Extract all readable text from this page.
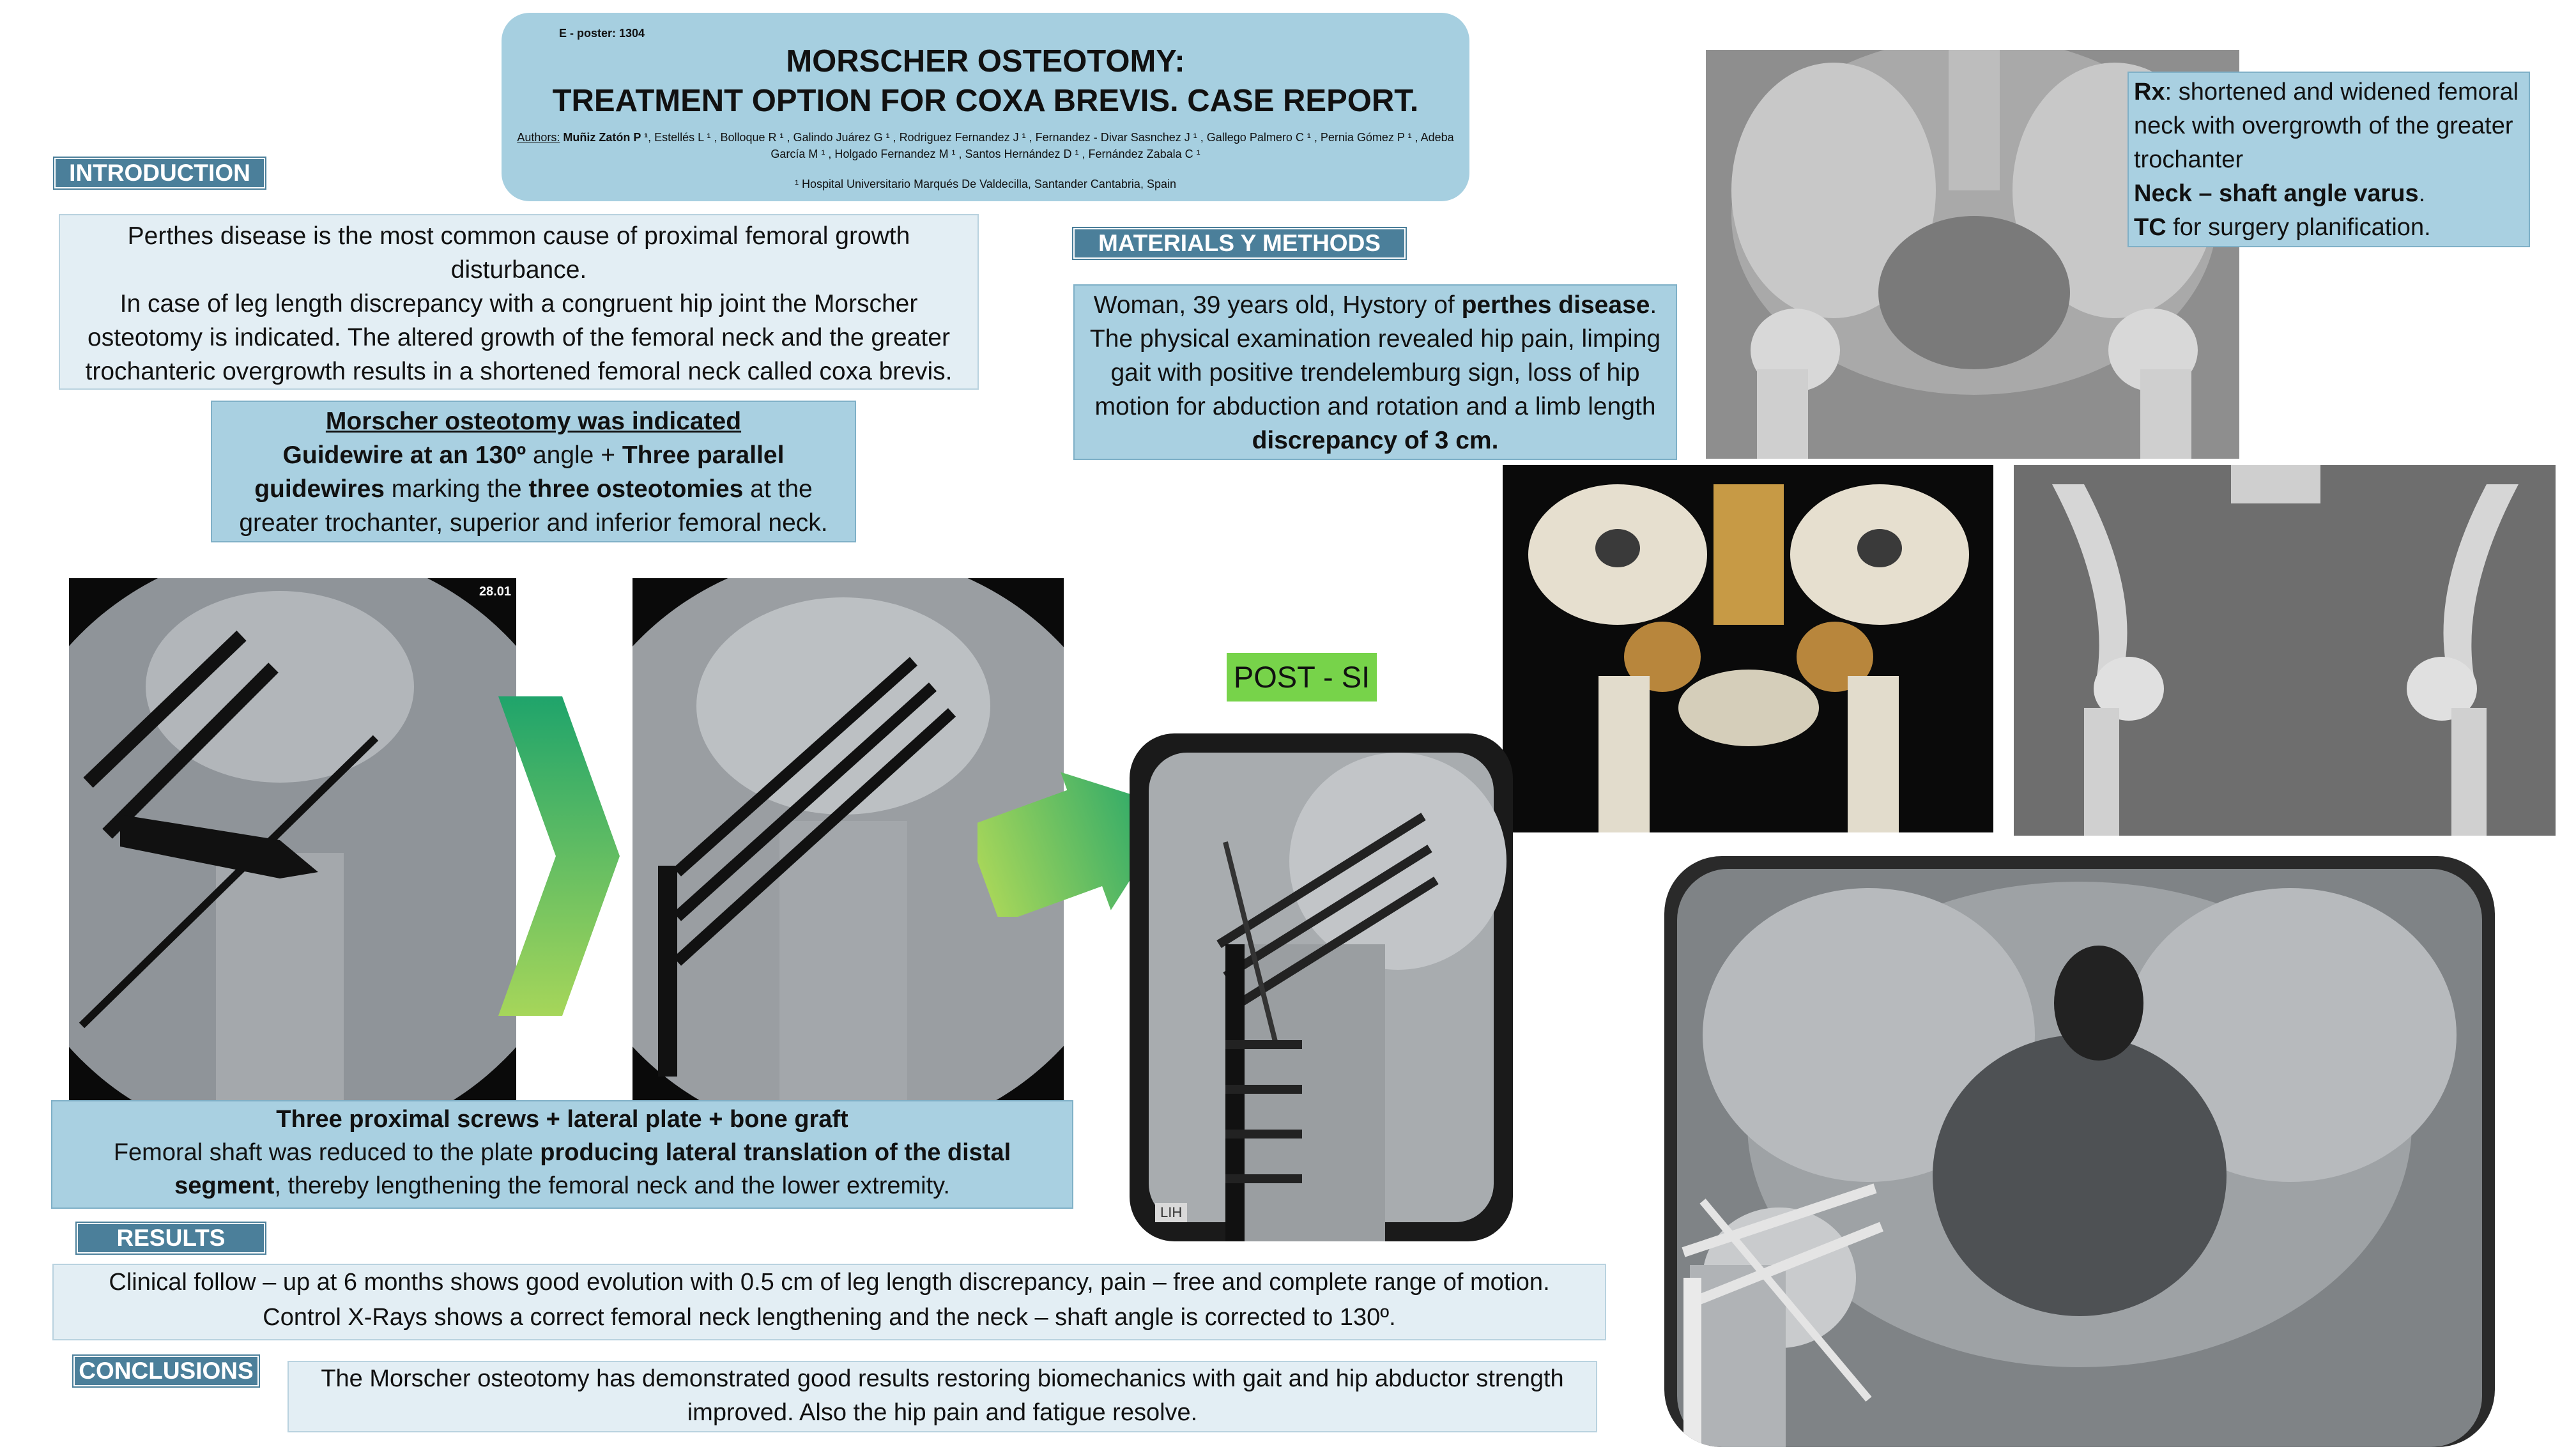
E - poster: 1304
MORSCHER OSTEOTOMY:
TREATMENT OPTION FOR COXA BREVIS. CASE REPORT.
Authors: Muñiz Zatón P ¹, Estellés L ¹ , Bolloque R ¹ , Galindo Juárez G ¹ , Rodriguez Fernandez J ¹ , Fernandez - Divar Sasnchez J ¹ , Gallego Palmero C ¹ , Pernia Gómez P ¹ , Adeba García M ¹ , Holgado Fernandez M ¹ , Santos Hernández D ¹ , Fernández Zabala C ¹
¹ Hospital Universitario Marqués De Valdecilla, Santander Cantabria, Spain
INTRODUCTION
Perthes disease is the most common cause of proximal femoral growth disturbance.
In case of leg length discrepancy with a congruent hip joint the Morscher osteotomy is indicated. The altered growth of the femoral neck and the greater trochanteric overgrowth results in a shortened femoral neck called coxa brevis.
Morscher osteotomy was indicated
Guidewire at an 130º angle + Three parallel guidewires marking the three osteotomies at the greater trochanter, superior and inferior femoral neck.
MATERIALS Y METHODS
Woman, 39 years old, Hystory of perthes disease. The physical examination revealed hip pain, limping gait with positive trendelemburg sign, loss of hip motion for abduction and rotation and a limb length discrepancy of 3 cm.
Rx: shortened and widened femoral neck with overgrowth of the greater trochanter
Neck – shaft angle varus.
TC for surgery planification.
28.01
POST - SI
LIH
Three proximal screws + lateral plate + bone graft
Femoral shaft was reduced to the plate producing lateral translation of the distal segment, thereby lengthening the femoral neck and the lower extremity.
RESULTS
Clinical follow – up at 6 months shows good evolution with 0.5 cm of leg length discrepancy, pain – free and complete range of motion.
Control X-Rays shows a correct femoral neck lengthening and the neck – shaft angle is corrected to 130º.
CONCLUSIONS	The Morscher osteotomy has demonstrated good results restoring biomechanics with gait and hip abductor strength improved. Also the hip pain and fatigue resolve.
